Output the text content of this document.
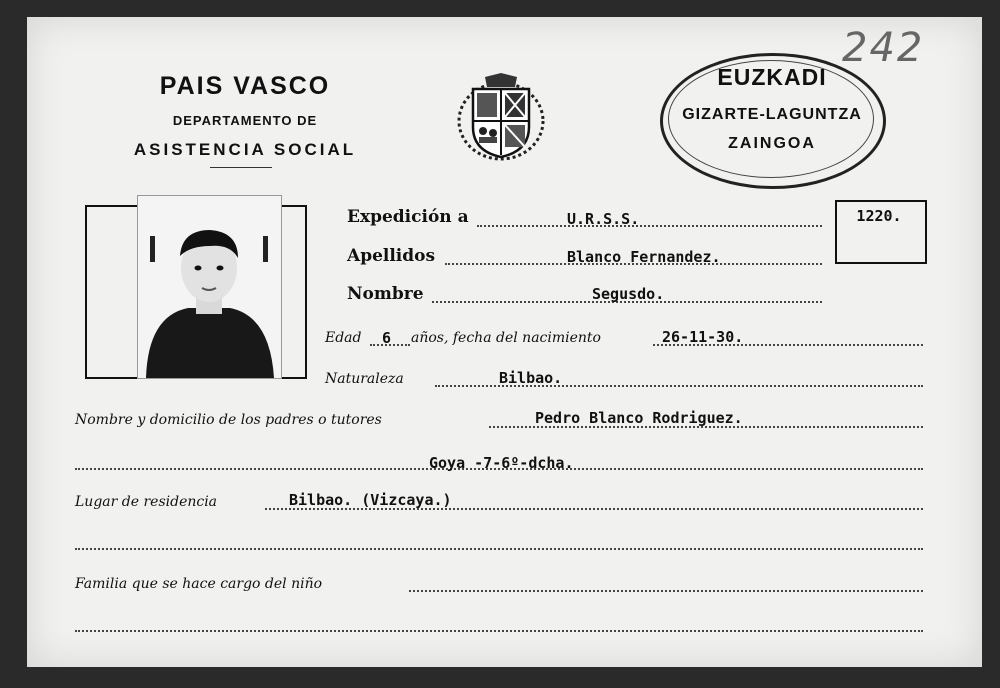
PAIS VASCO
DEPARTAMENTO DE
ASISTENCIA SOCIAL
EUZKADI
GIZARTE-LAGUNTZA
ZAINGOA
242
1220.
Expedición a	U.R.S.S.
Apellidos	Blanco Fernandez.
Nombre	Segusdo.
Edad 6 años, fecha del nacimiento	26-11-30.
Naturaleza	Bilbao.
Nombre y domicilio de los padres o tutores	Pedro Blanco Rodriguez.
Goya -7-6º-dcha.
Lugar de residencia	Bilbao. (Vizcaya.)
Familia que se hace cargo del niño
